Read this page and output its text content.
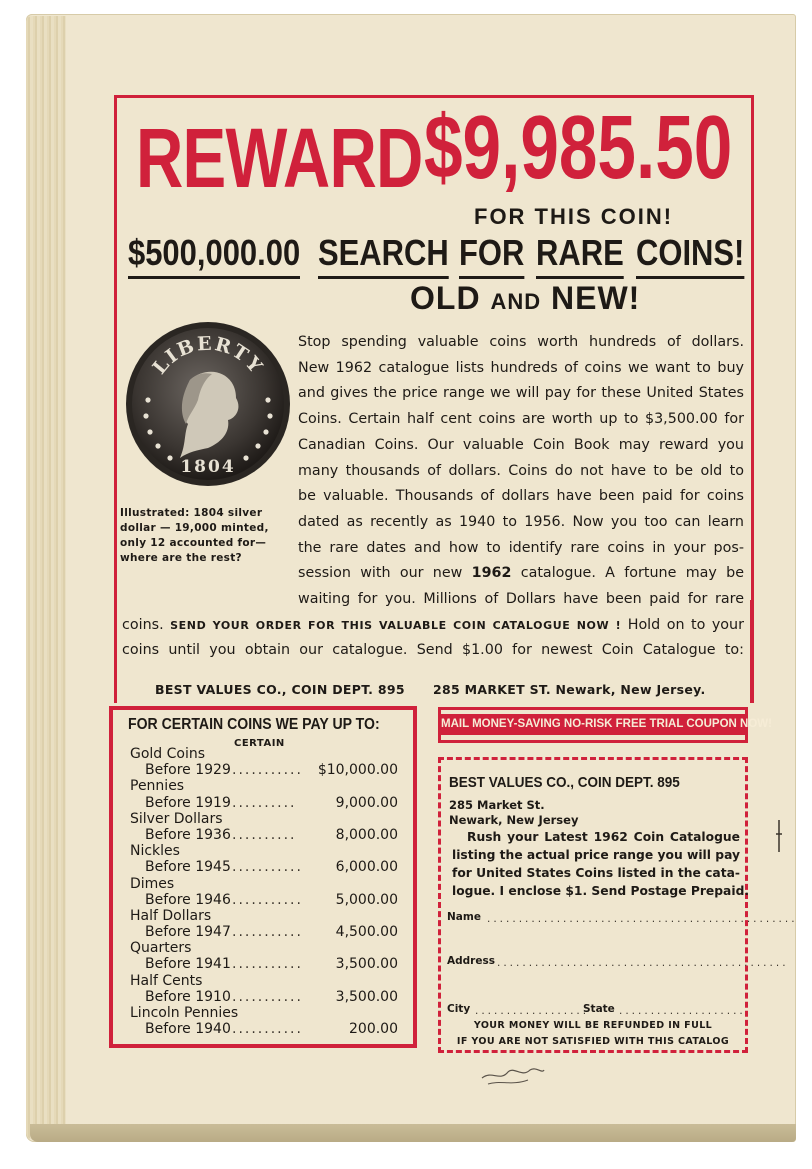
REWARD $9,985.50
FOR THIS COIN!
$500,000.00 SEARCH FOR RARE COINS!
OLD AND NEW!
LIBERTY
1804
Illustrated: 1804 silver dollar — 19,000 minted, only 12 accounted for— where are the rest?
Stop spending valuable coins worth hundreds of dollars.
New 1962 catalogue lists hundreds of coins we want to buy
and gives the price range we will pay for these United States
Coins. Certain half cent coins are worth up to $3,500.00 for
Canadian Coins. Our valuable Coin Book may reward you
many thousands of dollars. Coins do not have to be old to
be valuable. Thousands of dollars have been paid for coins
dated as recently as 1940 to 1956. Now you too can learn
the rare dates and how to identify rare coins in your pos-
session with our new 1962 catalogue. A fortune may be
waiting for you. Millions of Dollars have been paid for rare
coins. SEND YOUR ORDER FOR THIS VALUABLE COIN CATALOGUE NOW ! Hold on to your
coins until you obtain our catalogue. Send $1.00 for newest Coin Catalogue to:
BEST VALUES CO., COIN DEPT. 895 285 MARKET ST. Newark, New Jersey.
FOR CERTAIN COINS WE PAY UP TO:
CERTAIN
Gold Coins
Before 1929 ........... $10,000.00
Pennies
Before 1919 ..........	9,000.00
Silver Dollars
Before 1936 ..........	8,000.00
Nickles
Before 1945 ........... 6,000.00
Dimes
Before 1946 ........... 5,000.00
Half Dollars
Before 1947 ........... 4,500.00
Quarters
Before 1941 ........... 3,500.00
Half Cents
Before 1910 ........... 3,500.00
Lincoln Pennies
Before 1940 ...........	200.00
MAIL MONEY-SAVING NO-RISK FREE TRIAL COUPON NOW!
BEST VALUES CO., COIN DEPT. 895
285 Market St.
Newark, New Jersey
Rush your Latest 1962 Coin Catalogue
listing the actual price range you will pay
for United States Coins listed in the cata-
logue. I enclose $1. Send Postage Prepaid.
Name .................................................
Address ..............................................
City ..................
State ....................
YOUR MONEY WILL BE REFUNDED IN FULL
IF YOU ARE NOT SATISFIED WITH THIS CATALOG
